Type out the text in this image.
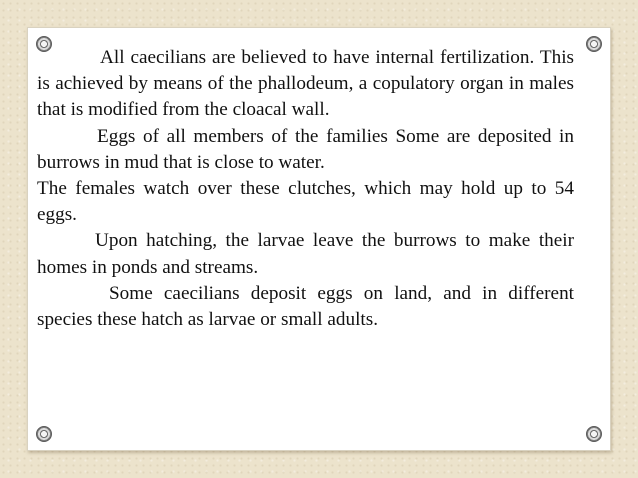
All caecilians are believed to have internal fertilization. This is achieved by means of the phallodeum, a copulatory organ in males that is modified from the cloacal wall.

Eggs of all members of the families Some are deposited in burrows in mud that is close to water.

The females watch over these clutches, which may hold up to 54 eggs.

Upon hatching, the larvae leave the burrows to make their homes in ponds and streams.

Some caecilians deposit eggs on land, and in different species these hatch as larvae or small adults.
